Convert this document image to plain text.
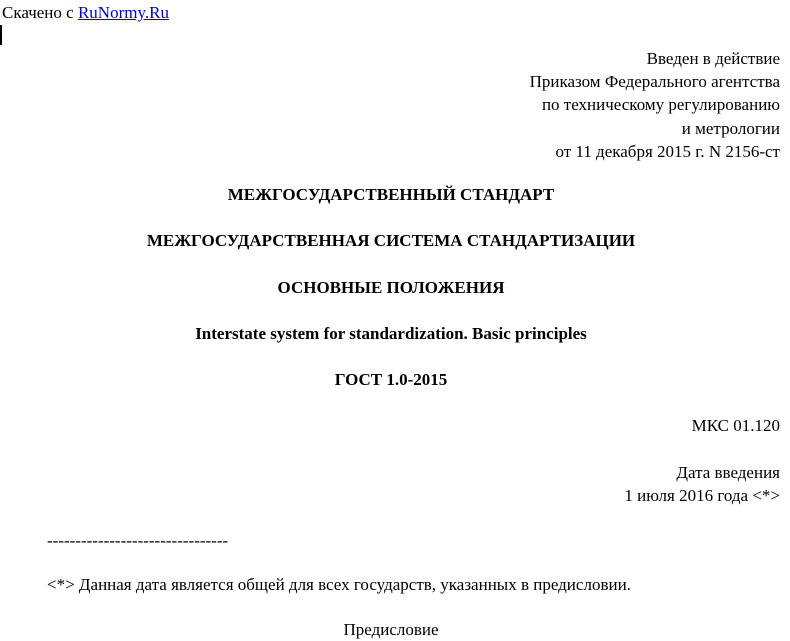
Скачено с RuNormy.Ru
Введен в действие
Приказом Федерального агентства
по техническому регулированию
и метрологии
от 11 декабря 2015 г. N 2156-ст
МЕЖГОСУДАРСТВЕННЫЙ СТАНДАРТ
МЕЖГОСУДАРСТВЕННАЯ СИСТЕМА СТАНДАРТИЗАЦИИ
ОСНОВНЫЕ ПОЛОЖЕНИЯ
Interstate system for standardization. Basic principles
ГОСТ 1.0-2015
МКС 01.120
Дата введения
1 июля 2016 года <*>
--------------------------------
<*> Данная дата является общей для всех государств, указанных в предисловии.
Предисловие
